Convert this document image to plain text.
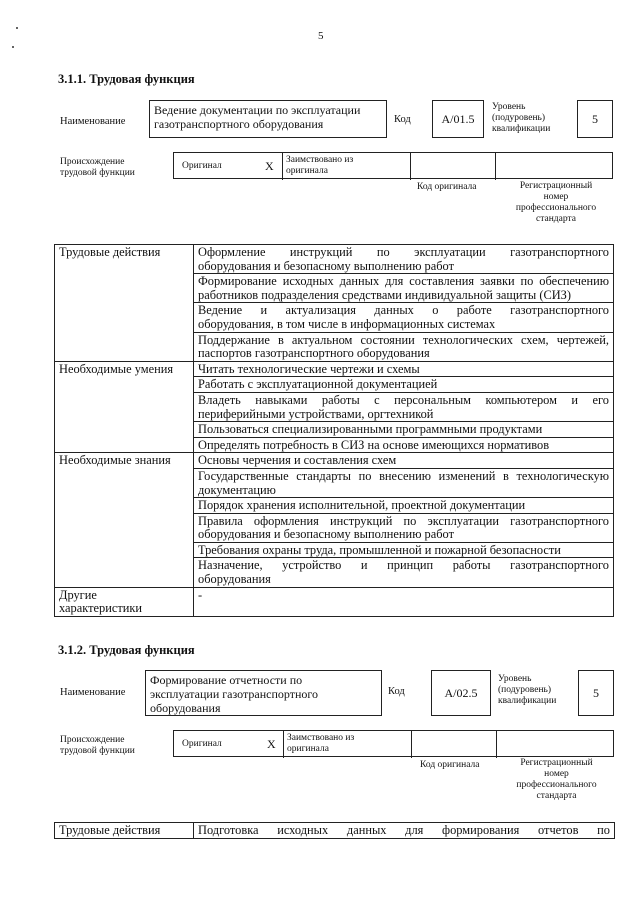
5
3.1.1. Трудовая функция
Наименование
Ведение документации по эксплуатации
газотранспортного оборудования	Код	A/01.5
Уровень
(подуровень)
квалификации
5
Происхождение
трудовой функции
Оригинал	X Заимствовано из
оригинала
Код оригинала	Регистрационный
номер
профессионального
стандарта
Трудовые действия	Оформление инструкций по эксплуатации газотранспортного
оборудования и безопасному выполнению работ

	Формирование исходных данных для составления заявки по обеспечению
работников подразделения средствами индивидуальной защиты (СИЗ)

	Ведение и актуализация данных о работе газотранспортного
оборудования, в том числе в информационных системах

	Поддержание в актуальном состоянии технологических схем, чертежей,
паспортов газотранспортного оборудования

Необходимые умения	Читать технологические чертежи и схемы

	Работать с эксплуатационной документацией

	Владеть навыками работы с персональным компьютером и его
периферийными устройствами, оргтехникой

	Пользоваться специализированными программными продуктами

	Определять потребность в СИЗ на основе имеющихся нормативов

Необходимые знания	Основы черчения и составления схем

	Государственные стандарты по внесению изменений в технологическую
документацию

	Порядок хранения исполнительной, проектной документации

	Правила оформления инструкций по эксплуатации газотранспортного
оборудования и безопасному выполнению работ

	Требования охраны труда, промышленной и пожарной безопасности

	Назначение, устройство и принцип работы газотранспортного
оборудования

Другие
характеристики	-
3.1.2. Трудовая функция
Наименование
Формирование отчетности по
эксплуатации газотранспортного
оборудования
Код	A/02.5
Уровень
(подуровень)
квалификации
5
Происхождение
трудовой функции
Оригинал	X Заимствовано из
оригинала
Код оригинала	Регистрационный
номер
профессионального
стандарта
Трудовые действия	Подготовка исходных данных для формирования отчетов по
